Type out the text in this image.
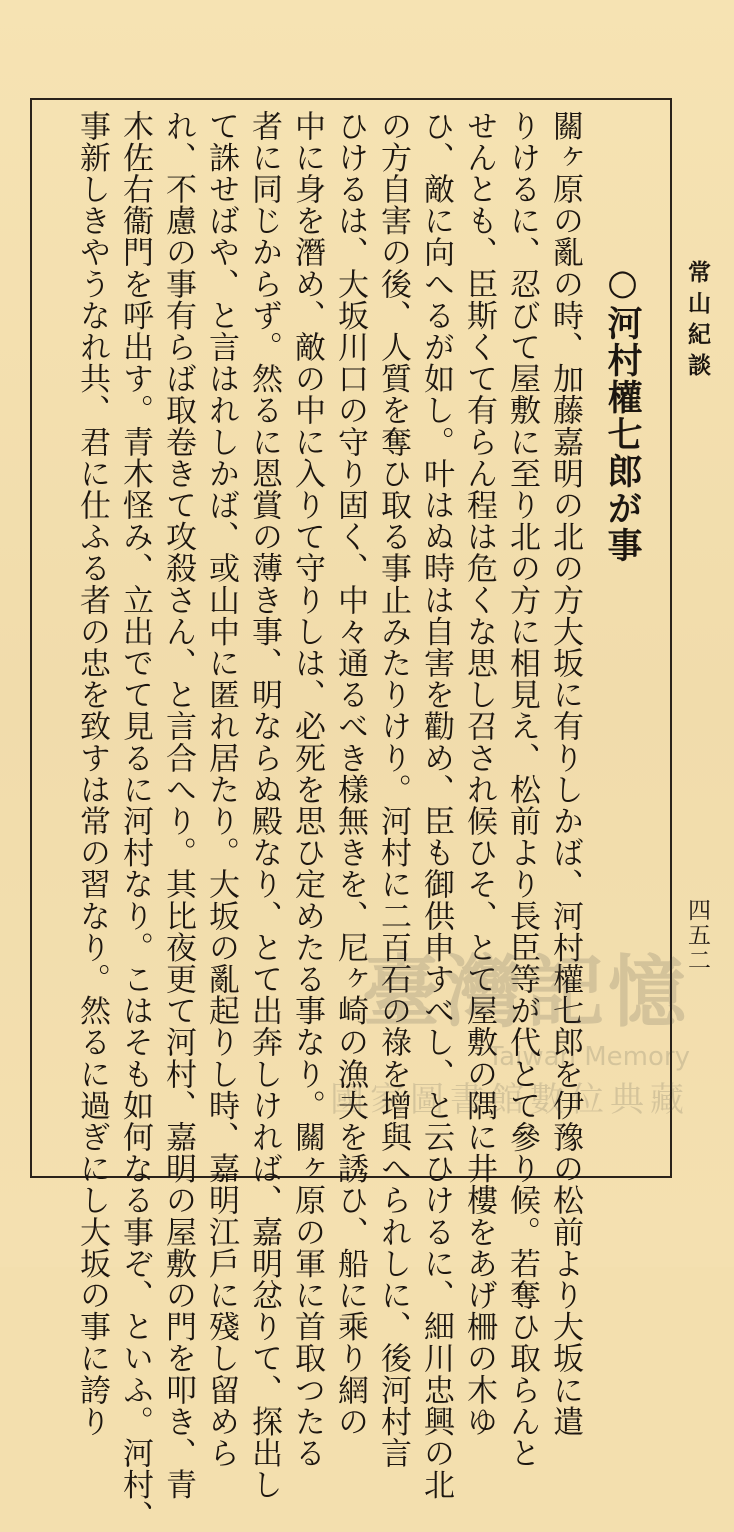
常山紀談
四五二
○河村權七郎が事
關ヶ原の亂の時、加藤嘉明の北の方大坂に有りしかば、河村權七郎を伊豫の松前より大坂に遣
りけるに、忍びて屋敷に至り北の方に相見え、松前より長臣等が代とて參り候。若奪ひ取らんと
せんとも、臣斯くて有らん程は危くな思し召され候ひそ、とて屋敷の隅に井樓をあげ柵の木ゆ
ひ、敵に向へるが如し。叶はぬ時は自害を勸め、臣も御供申すべし、と云ひけるに、細川忠興の北
の方自害の後、人質を奪ひ取る事止みたりけり。河村に二百石の祿を增與へられしに、後河村言
ひけるは、大坂川口の守り固く、中々通るべき樣無きを、尼ヶ崎の漁夫を誘ひ、船に乘り網の
中に身を潛め、敵の中に入りて守りしは、必死を思ひ定めたる事なり。關ヶ原の軍に首取つたる
者に同じからず。然るに恩賞の薄き事、明ならぬ殿なり、とて出奔しければ、嘉明忿りて、探出し
て誅せばや、と言はれしかば、或山中に匿れ居たり。大坂の亂起りし時、嘉明江戶に殘し留めら
れ、不慮の事有らば取卷きて攻殺さん、と言合へり。其比夜更て河村、嘉明の屋敷の門を叩き、青
木佐右衞門を呼出す。青木怪み、立出でて見るに河村なり。こはそも如何なる事ぞ、といふ。河村、
事新しきやうなれ共、君に仕ふる者の忠を致すは常の習なり。然るに過ぎにし大坂の事に誇り	臺灣記憶
Taiwan Memory
國家圖書館數位典藏
